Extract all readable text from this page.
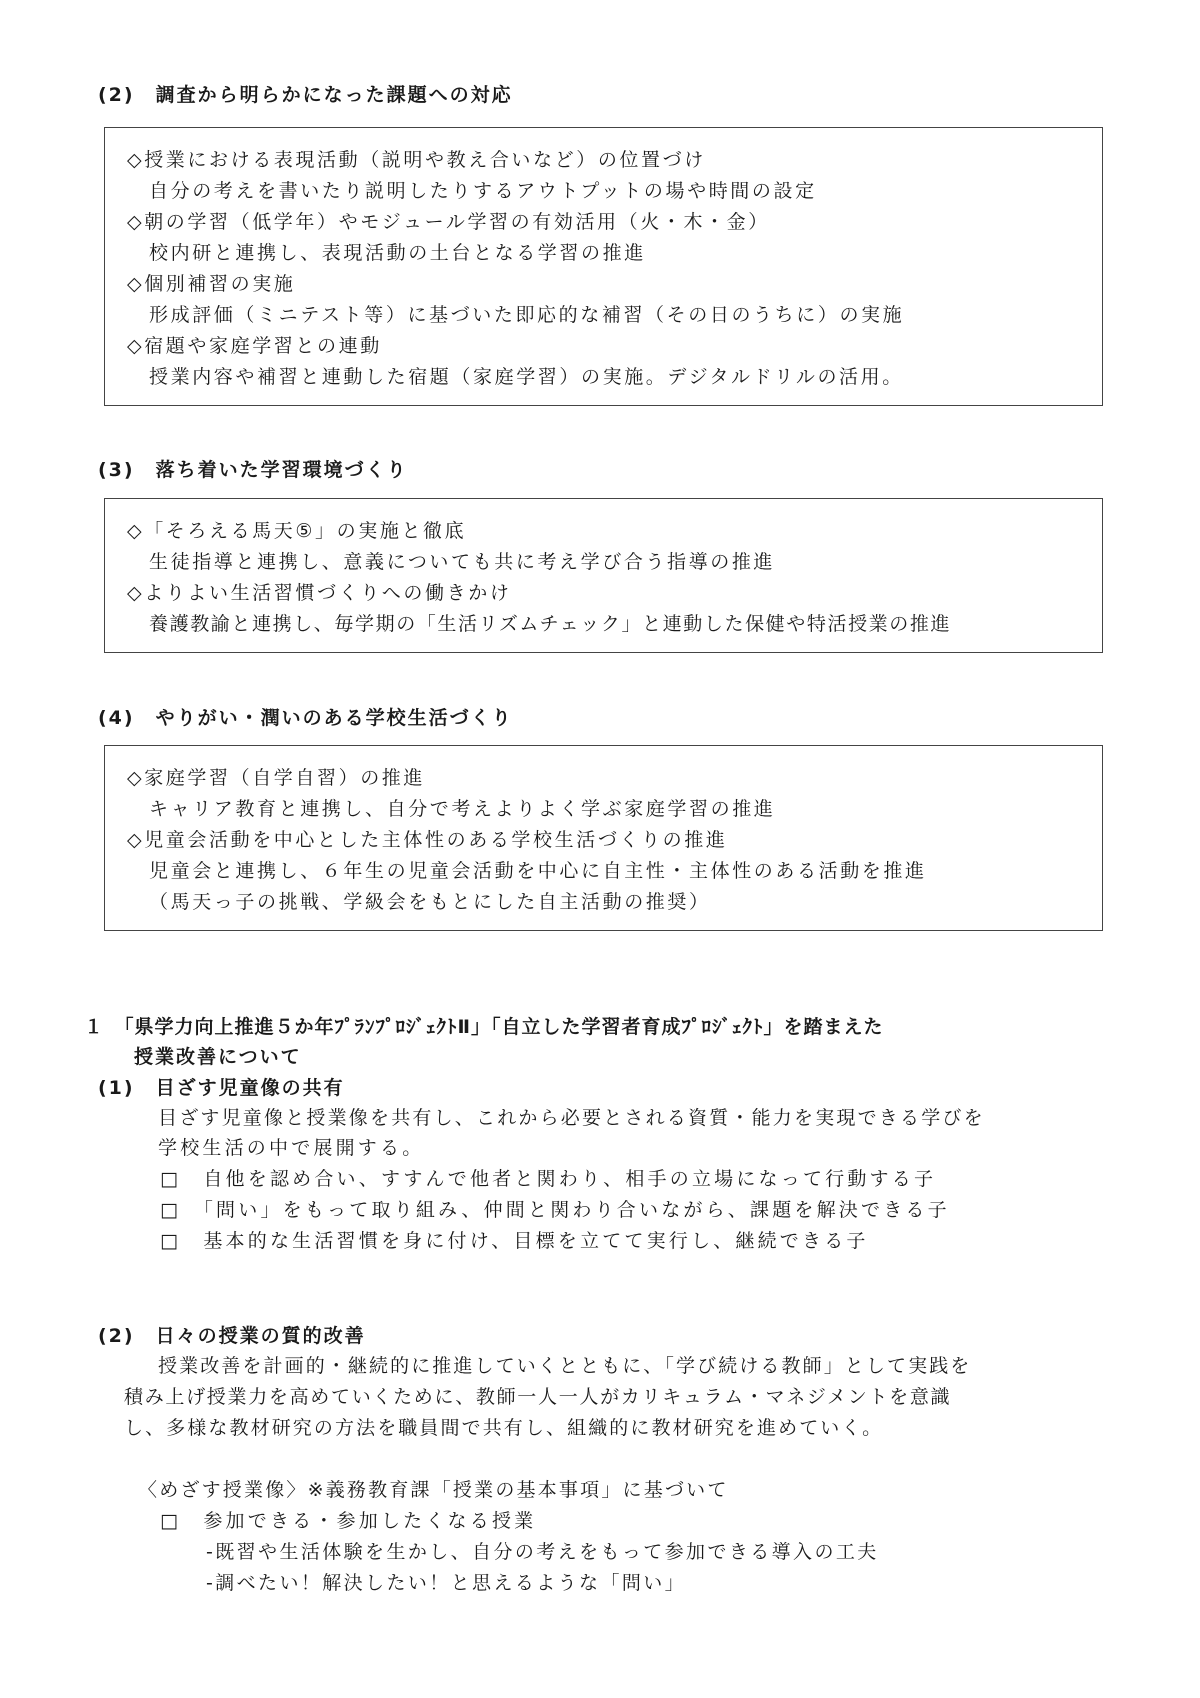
(2)　調査から明らかになった課題への対応
◇授業における表現活動（説明や教え合いなど）の位置づけ
自分の考えを書いたり説明したりするアウトプットの場や時間の設定
◇朝の学習（低学年）やモジュール学習の有効活用（火・木・金）
校内研と連携し、表現活動の土台となる学習の推進
◇個別補習の実施
形成評価（ミニテスト等）に基づいた即応的な補習（その日のうちに）の実施
◇宿題や家庭学習との連動
授業内容や補習と連動した宿題（家庭学習）の実施。デジタルドリルの活用。
(3)　落ち着いた学習環境づくり
◇「そろえる馬天⑤」の実施と徹底
生徒指導と連携し、意義についても共に考え学び合う指導の推進
◇よりよい生活習慣づくりへの働きかけ
養護教諭と連携し、毎学期の「生活リズムチェック」と連動した保健や特活授業の推進
(4)　やりがい・潤いのある学校生活づくり
◇家庭学習（自学自習）の推進
キャリア教育と連携し、自分で考えよりよく学ぶ家庭学習の推進
◇児童会活動を中心とした主体性のある学校生活づくりの推進
児童会と連携し、６年生の児童会活動を中心に自主性・主体性のある活動を推進
（馬天っ子の挑戦、学級会をもとにした自主活動の推奨）
１　「県学力向上推進５か年ﾌﾟﾗﾝﾌﾟﾛｼﾞｪｸﾄⅡ」「自立した学習者育成ﾌﾟﾛｼﾞｪｸﾄ」を踏まえた
授業改善について
(1)　目ざす児童像の共有
目ざす児童像と授業像を共有し、これから必要とされる資質・能力を実現できる学びを
学校生活の中で展開する。
□　自他を認め合い、すすんで他者と関わり、相手の立場になって行動する子
□　「問い」をもって取り組み、仲間と関わり合いながら、課題を解決できる子
□　基本的な生活習慣を身に付け、目標を立てて実行し、継続できる子
(2)　日々の授業の質的改善
授業改善を計画的・継続的に推進していくとともに、「学び続ける教師」として実践を
積み上げ授業力を高めていくために、教師一人一人がカリキュラム・マネジメントを意識
し、多様な教材研究の方法を職員間で共有し、組織的に教材研究を進めていく。
〈めざす授業像〉※義務教育課「授業の基本事項」に基づいて
□　参加できる・参加したくなる授業
-既習や生活体験を生かし、自分の考えをもって参加できる導入の工夫
-調べたい！解決したい！と思えるような「問い」
